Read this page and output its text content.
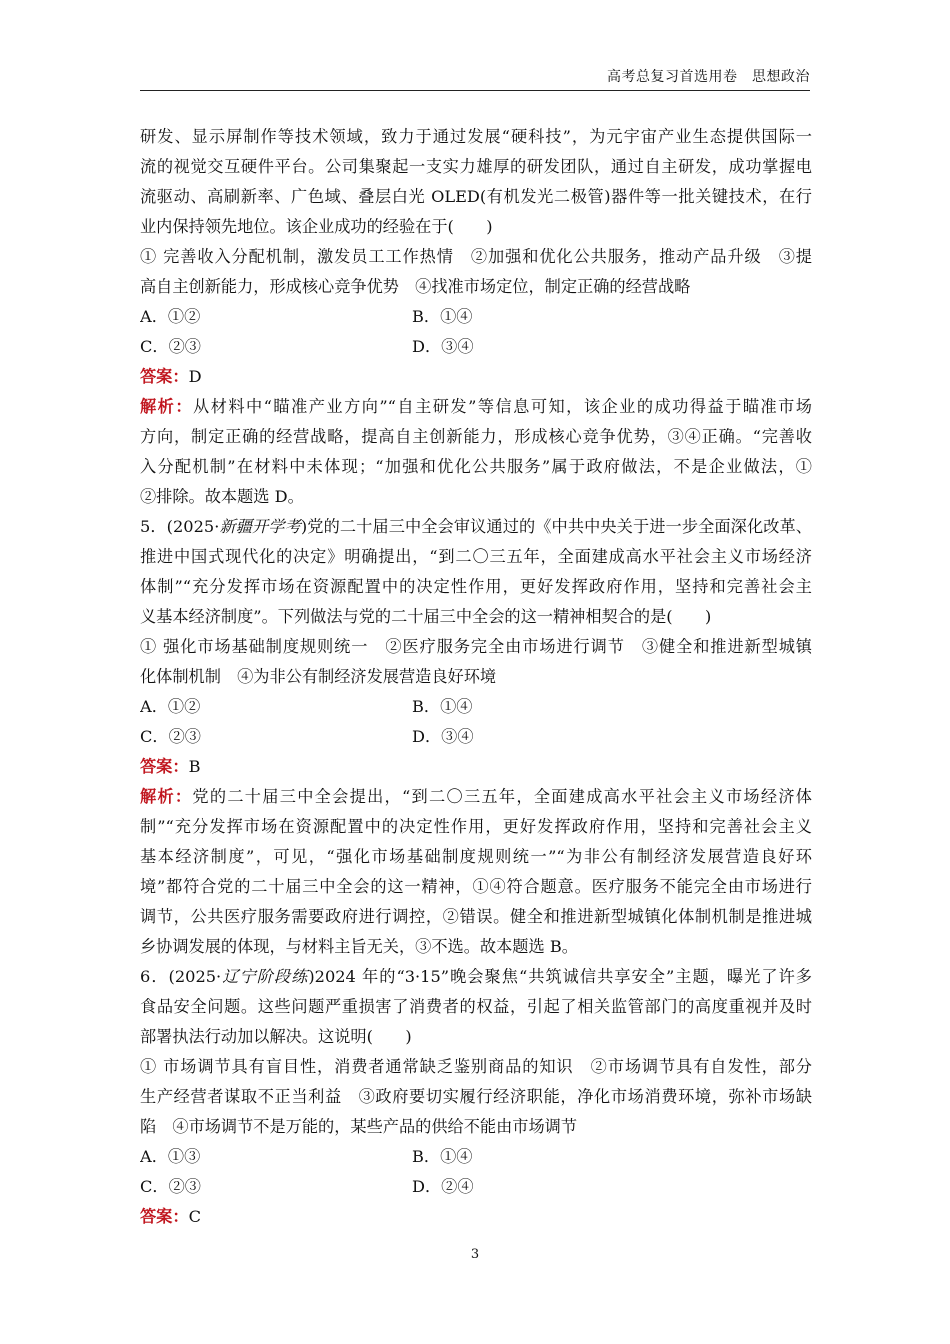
高考总复习首选用卷　思想政治
研发、显示屏制作等技术领域，致力于通过发展“硬科技”，为元宇宙产业生态提供国际一
流的视觉交互硬件平台。公司集聚起一支实力雄厚的研发团队，通过自主研发，成功掌握电
流驱动、高刷新率、广色域、叠层白光 OLED(有机发光二极管)器件等一批关键技术，在行
业内保持领先地位。该企业成功的经验在于(　　)
① 完善收入分配机制，激发员工工作热情　②加强和优化公共服务，推动产品升级　③提
高自主创新能力，形成核心竞争优势　④找准市场定位，制定正确的经营战略
A．①②	B．①④
C．②③	D．③④
答案：D
解析：从材料中“瞄准产业方向”“自主研发”等信息可知，该企业的成功得益于瞄准市场
方向，制定正确的经营战略，提高自主创新能力，形成核心竞争优势，③④正确。“完善收
入分配机制”在材料中未体现；“加强和优化公共服务”属于政府做法，不是企业做法，①
②排除。故本题选 D。
5．(2025·新疆开学考)党的二十届三中全会审议通过的《中共中央关于进一步全面深化改革、
推进中国式现代化的决定》明确提出，“到二〇三五年，全面建成高水平社会主义市场经济
体制”“充分发挥市场在资源配置中的决定性作用，更好发挥政府作用，坚持和完善社会主
义基本经济制度”。下列做法与党的二十届三中全会的这一精神相契合的是(　　)
① 强化市场基础制度规则统一　②医疗服务完全由市场进行调节　③健全和推进新型城镇
化体制机制　④为非公有制经济发展营造良好环境
A．①②	B．①④
C．②③	D．③④
答案：B
解析：党的二十届三中全会提出，“到二〇三五年，全面建成高水平社会主义市场经济体
制”“充分发挥市场在资源配置中的决定性作用，更好发挥政府作用，坚持和完善社会主义
基本经济制度”，可见，“强化市场基础制度规则统一”“为非公有制经济发展营造良好环
境”都符合党的二十届三中全会的这一精神，①④符合题意。医疗服务不能完全由市场进行
调节，公共医疗服务需要政府进行调控，②错误。健全和推进新型城镇化体制机制是推进城
乡协调发展的体现，与材料主旨无关，③不选。故本题选 B。
6．(2025·辽宁阶段练)2024 年的“3·15”晚会聚焦“共筑诚信共享安全”主题，曝光了许多
食品安全问题。这些问题严重损害了消费者的权益，引起了相关监管部门的高度重视并及时
部署执法行动加以解决。这说明(　　)
① 市场调节具有盲目性，消费者通常缺乏鉴别商品的知识　②市场调节具有自发性，部分
生产经营者谋取不正当利益　③政府要切实履行经济职能，净化市场消费环境，弥补市场缺
陷　④市场调节不是万能的，某些产品的供给不能由市场调节
A．①③	B．①④
C．②③	D．②④
答案：C
3
